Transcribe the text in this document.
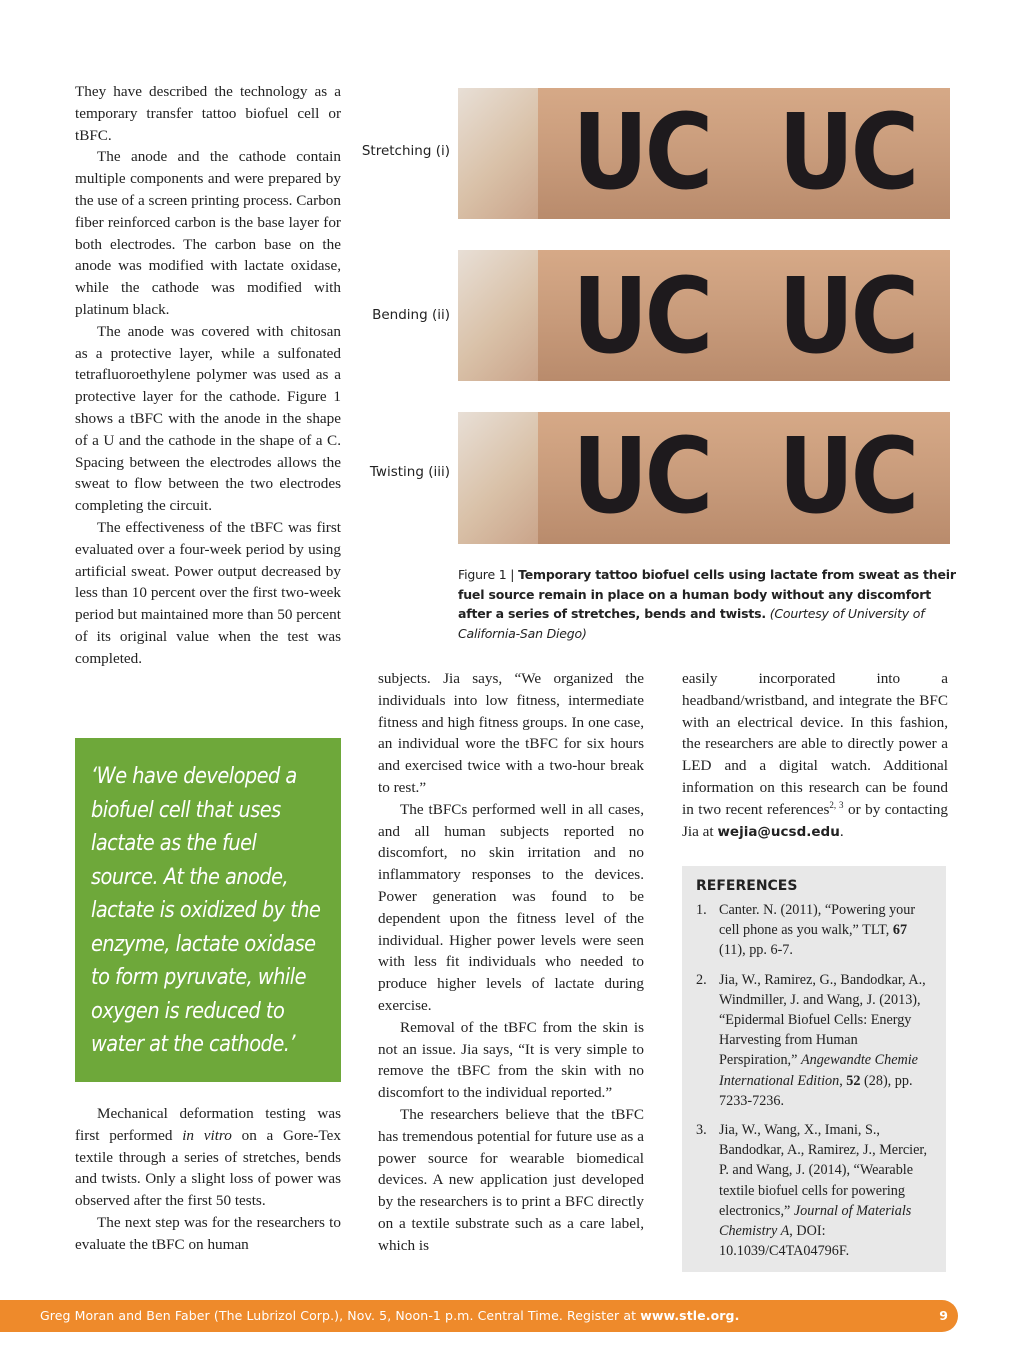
They have described the technology as a temporary transfer tattoo biofuel cell or tBFC.

The anode and the cathode contain multiple components and were prepared by the use of a screen printing process. Carbon fiber reinforced carbon is the base layer for both electrodes. The carbon base on the anode was modified with lactate oxidase, while the cathode was modified with platinum black.

The anode was covered with chitosan as a protective layer, while a sulfonated tetrafluoroethylene polymer was used as a protective layer for the cathode. Figure 1 shows a tBFC with the anode in the shape of a U and the cathode in the shape of a C. Spacing between the electrodes allows the sweat to flow between the two electrodes completing the circuit.

The effectiveness of the tBFC was first evaluated over a four-week period by using artificial sweat. Power output decreased by less than 10 percent over the first two-week period but maintained more than 50 percent of its original value when the test was completed.

‘We have developed a biofuel cell that uses lactate as the fuel source. At the anode, lactate is oxidized by the enzyme, lactate oxidase to form pyruvate, while oxygen is reduced to water at the cathode.’

Mechanical deformation testing was first performed in vitro on a Gore-Tex textile through a series of stretches, bends and twists. Only a slight loss of power was observed after the first 50 tests.

The next step was for the researchers to evaluate the tBFC on human

Stretching (i) UC UC
Bending (ii) UC UC
Twisting (iii) UC UC
Figure 1 | Temporary tattoo biofuel cells using lactate from sweat as their fuel source remain in place on a human body without any discomfort after a series of stretches, bends and twists. (Courtesy of University of California-San Diego)

subjects. Jia says, “We organized the individuals into low fitness, intermediate fitness and high fitness groups. In one case, an individual wore the tBFC for six hours and exercised twice with a two-hour break to rest.”

The tBFCs performed well in all cases, and all human subjects reported no discomfort, no skin irritation and no inflammatory responses to the devices. Power generation was found to be dependent upon the fitness level of the individual. Higher power levels were seen with less fit individuals who needed to produce higher levels of lactate during exercise.

Removal of the tBFC from the skin is not an issue. Jia says, “It is very simple to remove the tBFC from the skin with no discomfort to the individual reported.”

The researchers believe that the tBFC has tremendous potential for future use as a power source for wearable biomedical devices. A new application just developed by the researchers is to print a BFC directly on a textile substrate such as a care label, which is

easily incorporated into a headband/wristband, and integrate the BFC with an electrical device. In this fashion, the researchers are able to directly power a LED and a digital watch. Additional information on this research can be found in two recent references$^{2, 3}$ or by contacting Jia at wejia@ucsd.edu.

REFERENCES
1. Canter. N. (2011), “Powering your cell phone as you walk,” TLT, 67 (11), pp. 6-7.
2. Jia, W., Ramirez, G., Bandodkar, A., Windmiller, J. and Wang, J. (2013), “Epidermal Biofuel Cells: Energy Harvesting from Human Perspiration,” Angewandte Chemie International Edition, 52 (28), pp. 7233-7236.
3. Jia, W., Wang, X., Imani, S., Bandodkar, A., Ramirez, J., Mercier, P. and Wang, J. (2014), “Wearable textile biofuel cells for powering electronics,” Journal of Materials Chemistry A, DOI: 10.1039/C4TA04796F.
Greg Moran and Ben Faber (The Lubrizol Corp.), Nov. 5, Noon-1 p.m. Central Time. Register at www.stle.org.	9
